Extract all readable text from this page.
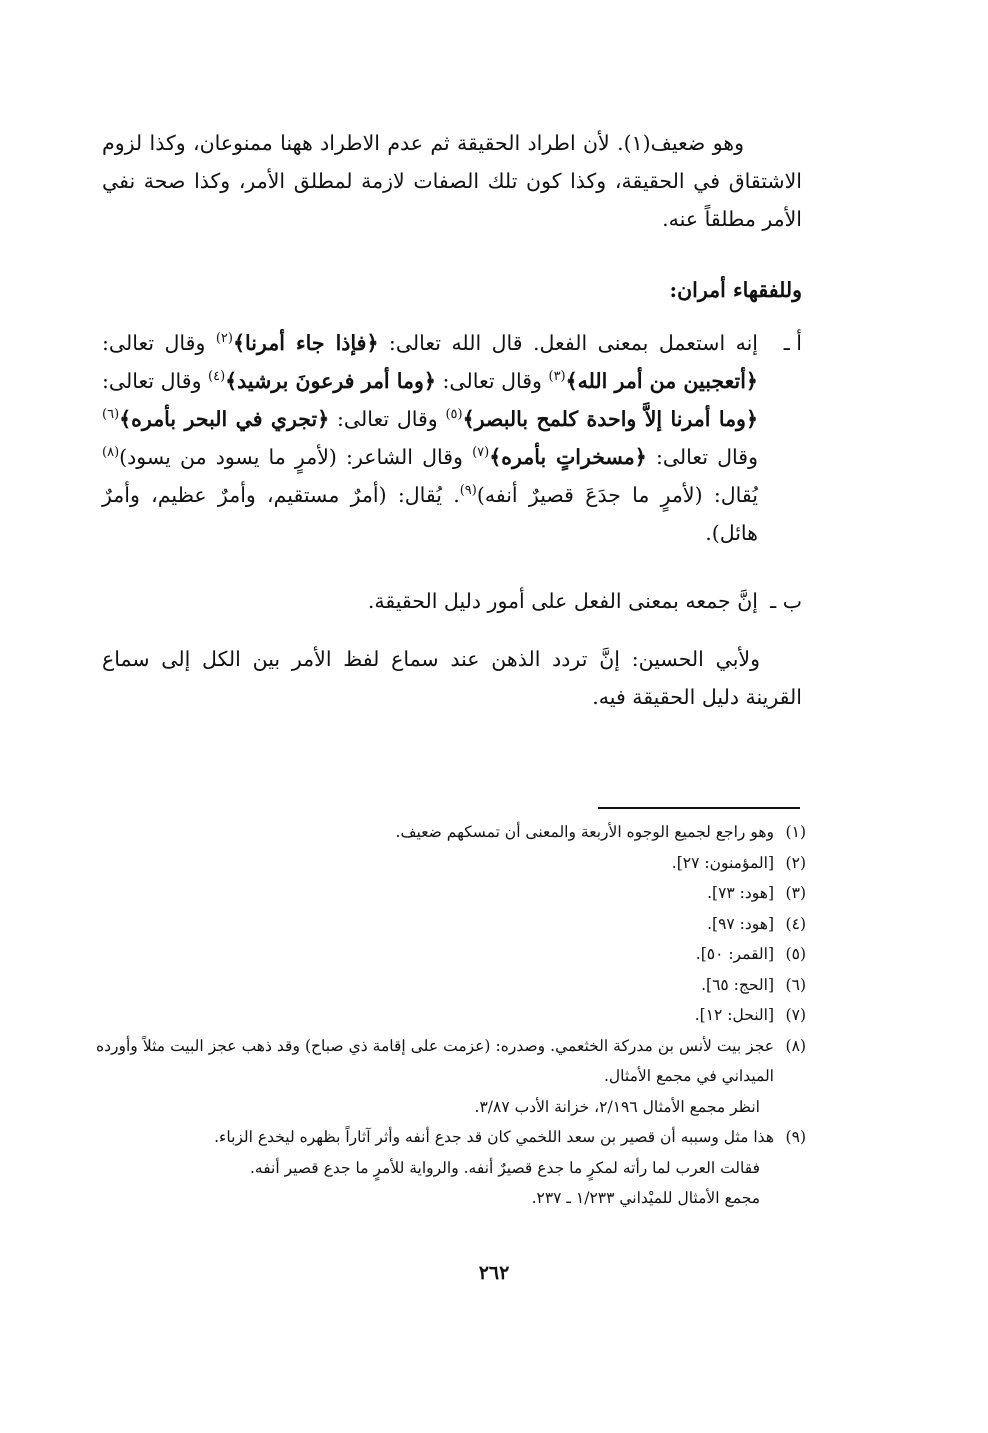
وهو ضعيف(١). لأن اطراد الحقيقة ثم عدم الاطراد ههنا ممنوعان، وكذا لزوم الاشتقاق في الحقيقة، وكذا كون تلك الصفات لازمة لمطلق الأمر، وكذا صحة نفي الأمر مطلقاً عنه.
وللفقهاء أمران:
أ ـ
إنه استعمل بمعنى الفعل. قال الله تعالى: ﴿فإذا جاء أمرنا﴾$^{(٢)}$ وقال تعالى: ﴿أتعجبين من أمر الله﴾$^{(٣)}$ وقال تعالى: ﴿وما أمر فرعونَ برشيد﴾$^{(٤)}$ وقال تعالى: ﴿وما أمرنا إلاَّ واحدة كلمح بالبصر﴾$^{(٥)}$ وقال تعالى: ﴿تجري في البحر بأمره﴾$^{(٦)}$ وقال تعالى: ﴿مسخراتٍ بأمره﴾$^{(٧)}$ وقال الشاعر: (لأمرٍ ما يسود من يسود)$^{(٨)}$ يُقال: (لأمرٍ ما جدَعَ قصيرٌ أنفه)$^{(٩)}$. يُقال: (أمرٌ مستقيم، وأمرٌ عظيم، وأمرٌ هائل).
ب ـ
إنَّ جمعه بمعنى الفعل على أمور دليل الحقيقة.
ولأبي الحسين: إنَّ تردد الذهن عند سماع لفظ الأمر بين الكل إلى سماع القرينة دليل الحقيقة فيه.
(١)
وهو راجع لجميع الوجوه الأربعة والمعنى أن تمسكهم ضعيف.
(٢)
[المؤمنون: ٢٧].
(٣)
[هود: ٧٣].
(٤)
[هود: ٩٧].
(٥)
[القمر: ٥٠].
(٦)
[الحج: ٦٥].
(٧)
[النحل: ١٢].
(٨)
عجز بيت لأنس بن مدركة الخثعمي. وصدره: (عزمت على إقامة ذي صباح) وقد ذهب عجز البيت مثلاً وأورده الميداني في مجمع الأمثال.
انظر مجمع الأمثال ٢/١٩٦، خزانة الأدب ٣/٨٧.
(٩)
هذا مثل وسببه أن قصير بن سعد اللخمي كان قد جدع أنفه وأثر آثاراً بظهره ليخدع الزباء.
فقالت العرب لما رأته لمكرٍ ما جدع قصيرٌ أنفه. والرواية للأمرٍ ما جدع قصير أنفه.
مجمع الأمثال للميْداني ١/٢٣٣ ـ ٢٣٧.
٢٦٢
